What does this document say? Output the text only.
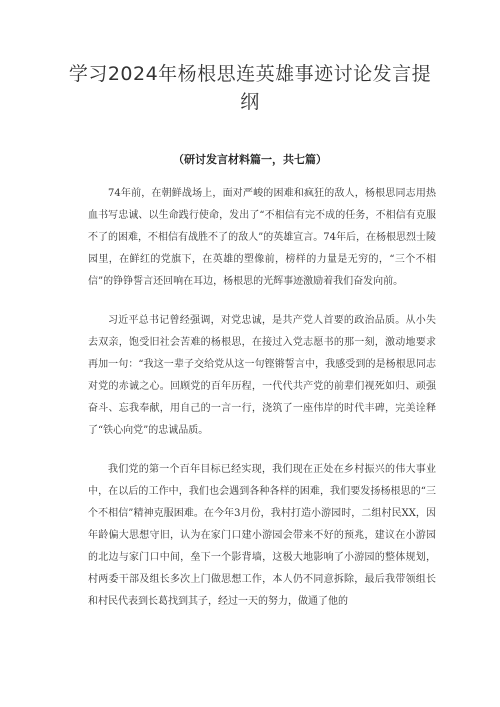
学习2024年杨根思连英雄事迹讨论发言提纲
（研讨发言材料篇一，共七篇）

74年前，在朝鲜战场上，面对严峻的困难和疯狂的敌人，杨根思同志用热血书写忠诚、以生命践行使命，发出了“不相信有完不成的任务，不相信有克服不了的困难，不相信有战胜不了的敌人”的英雄宣言。74年后，在杨根思烈士陵园里，在鲜红的党旗下，在英雄的塑像前，榜样的力量是无穷的，“三个不相信”的铮铮誓言还回响在耳边，杨根思的光辉事迹激励着我们奋发向前。

习近平总书记曾经强调，对党忠诚，是共产党人首要的政治品质。从小失去双亲，饱受旧社会苦难的杨根思，在接过入党志愿书的那一刻，激动地要求再加一句：“我这一辈子交给党从这一句铿锵誓言中，我感受到的是杨根思同志对党的赤诚之心。回顾党的百年历程，一代代共产党的前辈们视死如归、顽强奋斗、忘我奉献，用自己的一言一行，浇筑了一座伟岸的时代丰碑，完美诠释了“铁心向党”的忠诚品质。

我们党的第一个百年目标已经实现，我们现在正处在乡村振兴的伟大事业中，在以后的工作中，我们也会遇到各种各样的困难，我们要发扬杨根思的“三个不相信”精神克服困难。在今年3月份，我村打造小游园时，二组村民XX，因年龄偏大思想守旧，认为在家门口建小游园会带来不好的预兆，建议在小游园的北边与家门口中间，垒下一个影背墙，这极大地影响了小游园的整体规划，村两委干部及组长多次上门做思想工作，本人仍不同意拆除，最后我带领组长和村民代表到长葛找到其子，经过一天的努力，做通了他的
